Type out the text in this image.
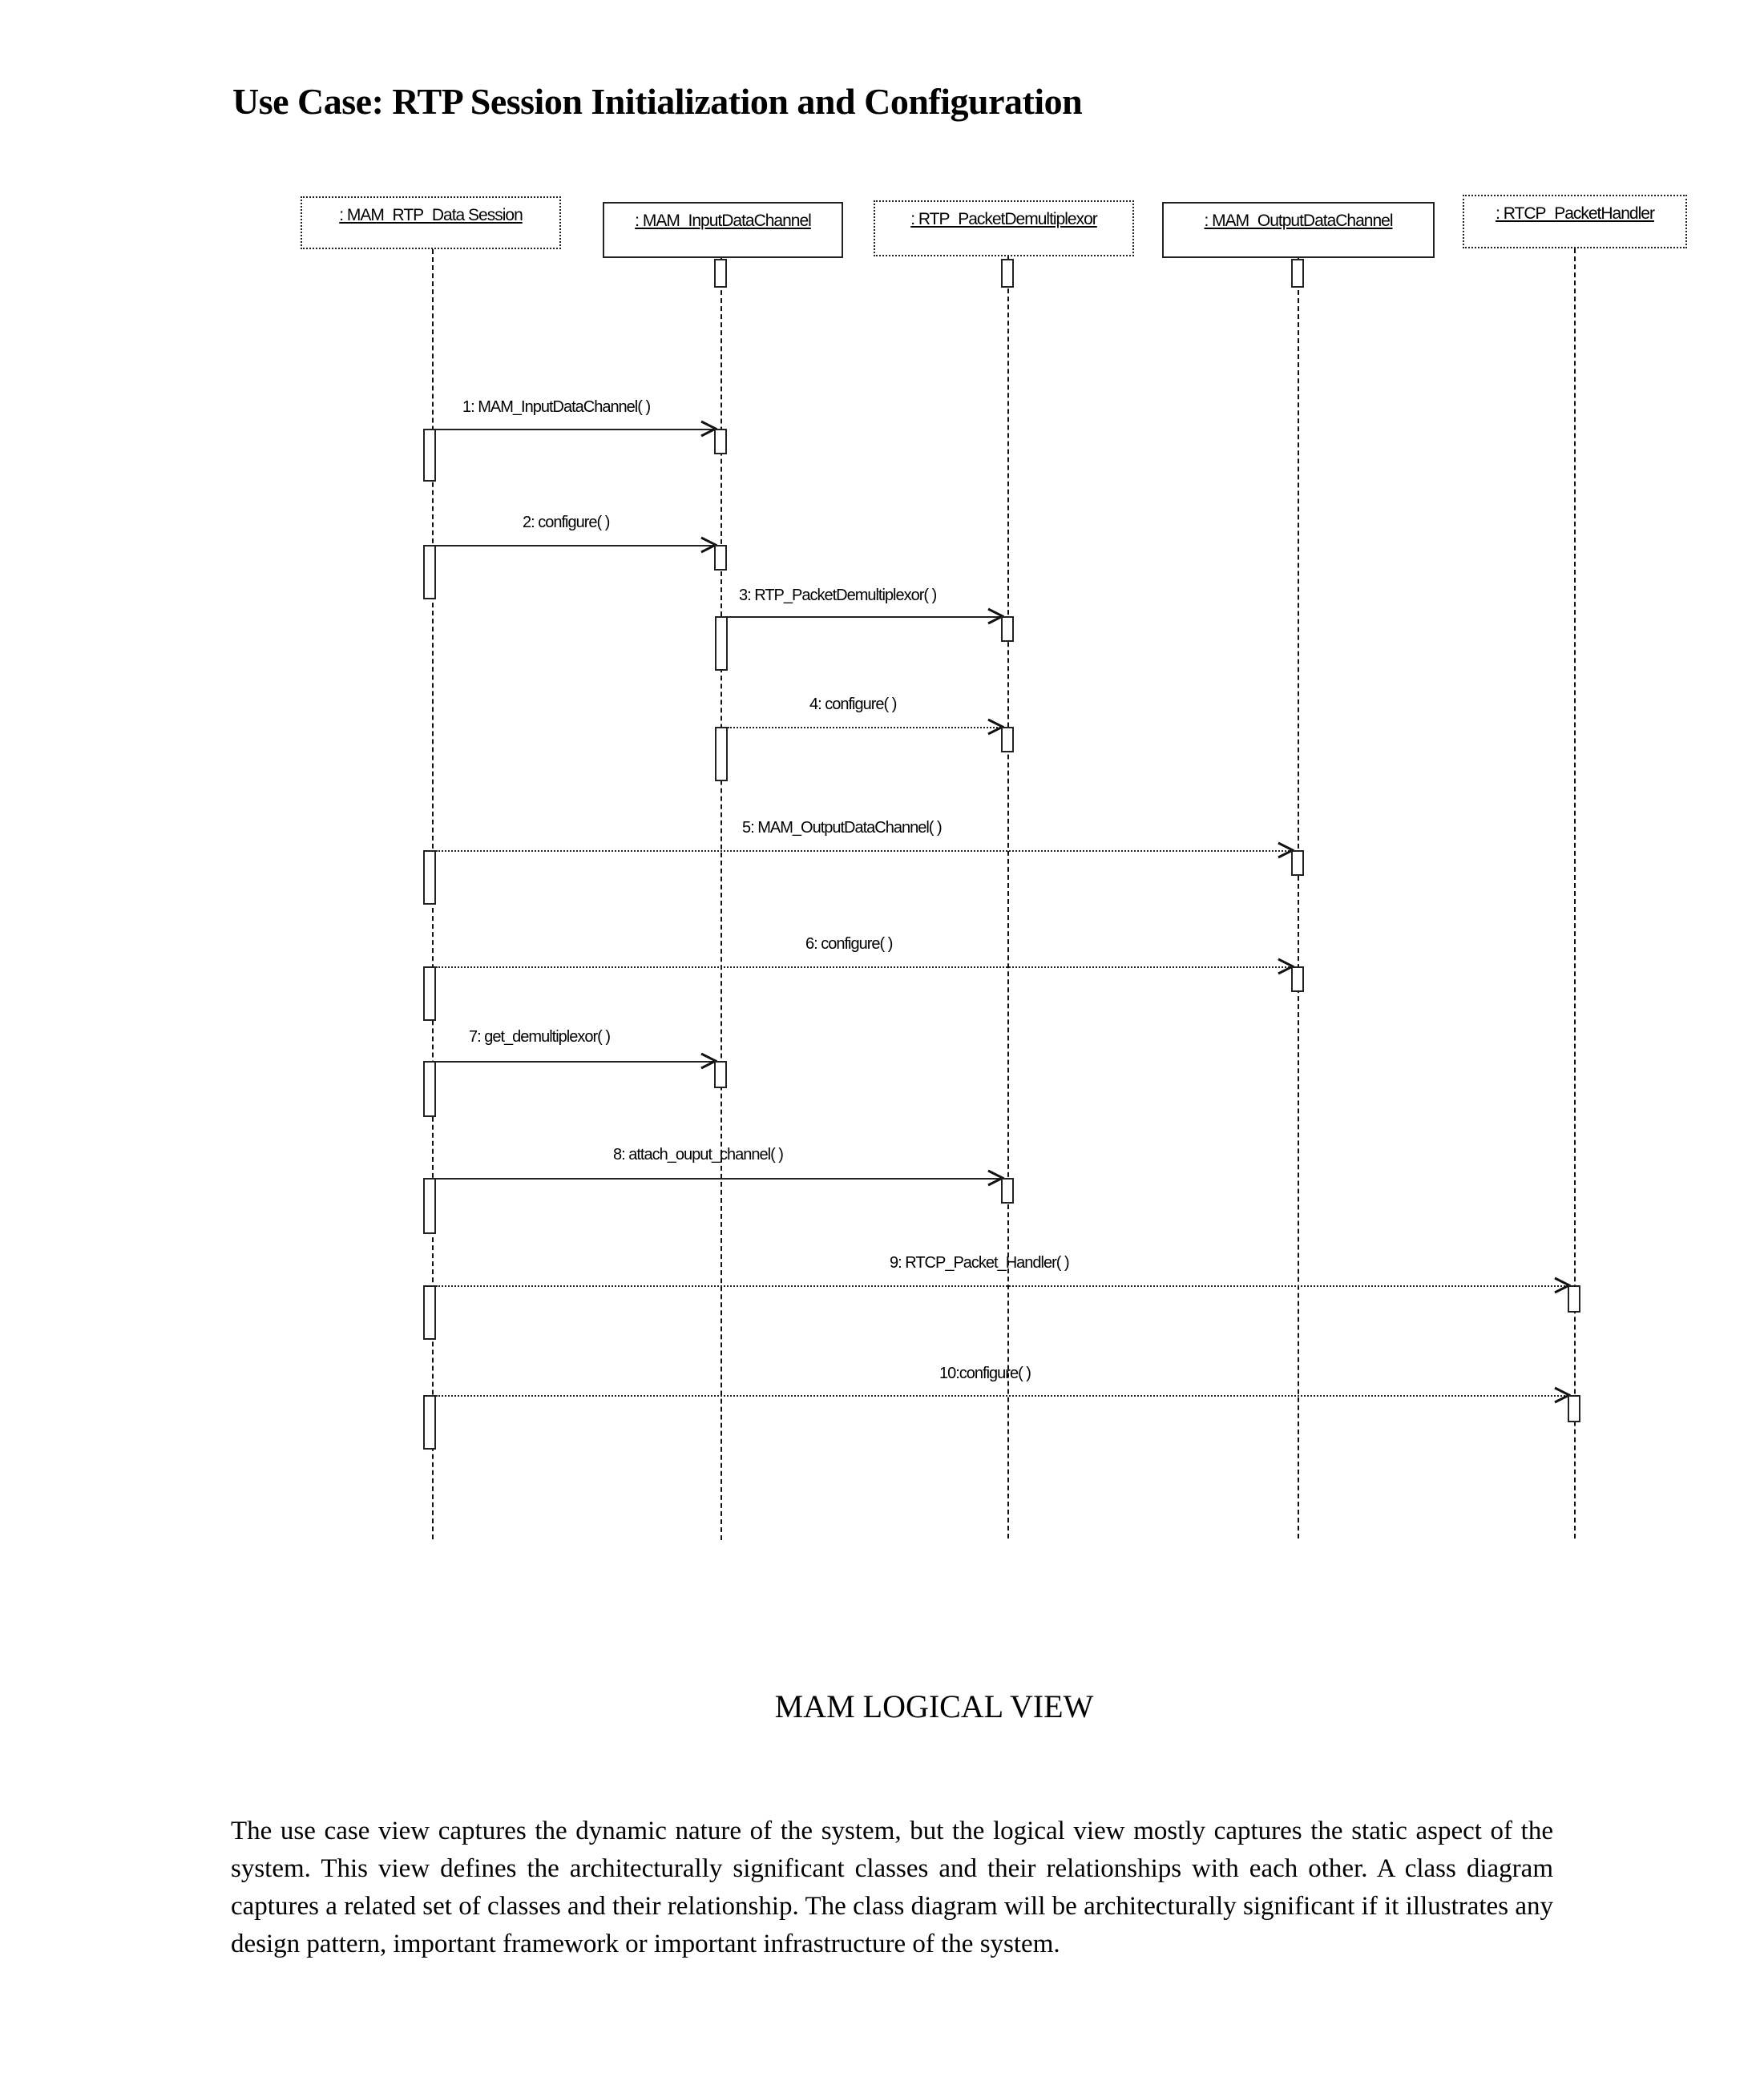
Use Case: RTP Session Initialization and Configuration
: MAM_RTP_Data Session	: MAM_InputDataChannel	: RTP_PacketDemultiplexor	: MAM_OutputDataChannel	: RTCP_PacketHandler
1: MAM_InputDataChannel( )
2: configure( )
3: RTP_PacketDemultiplexor( )
4: configure( )
5: MAM_OutputDataChannel( )
6: configure( )
7: get_demultiplexor( )
8: attach_ouput_channel( )
9: RTCP_Packet_Handler( )
10:configure( )
MAM LOGICAL VIEW
The use case view captures the dynamic nature of the system, but the logical view mostly captures the static aspect of the system. This view defines the architecturally significant classes and their relationships with each other. A class diagram captures a related set of classes and their relationship. The class diagram will be architecturally significant if it illustrates any design pattern, important framework or important infrastructure of the system.
